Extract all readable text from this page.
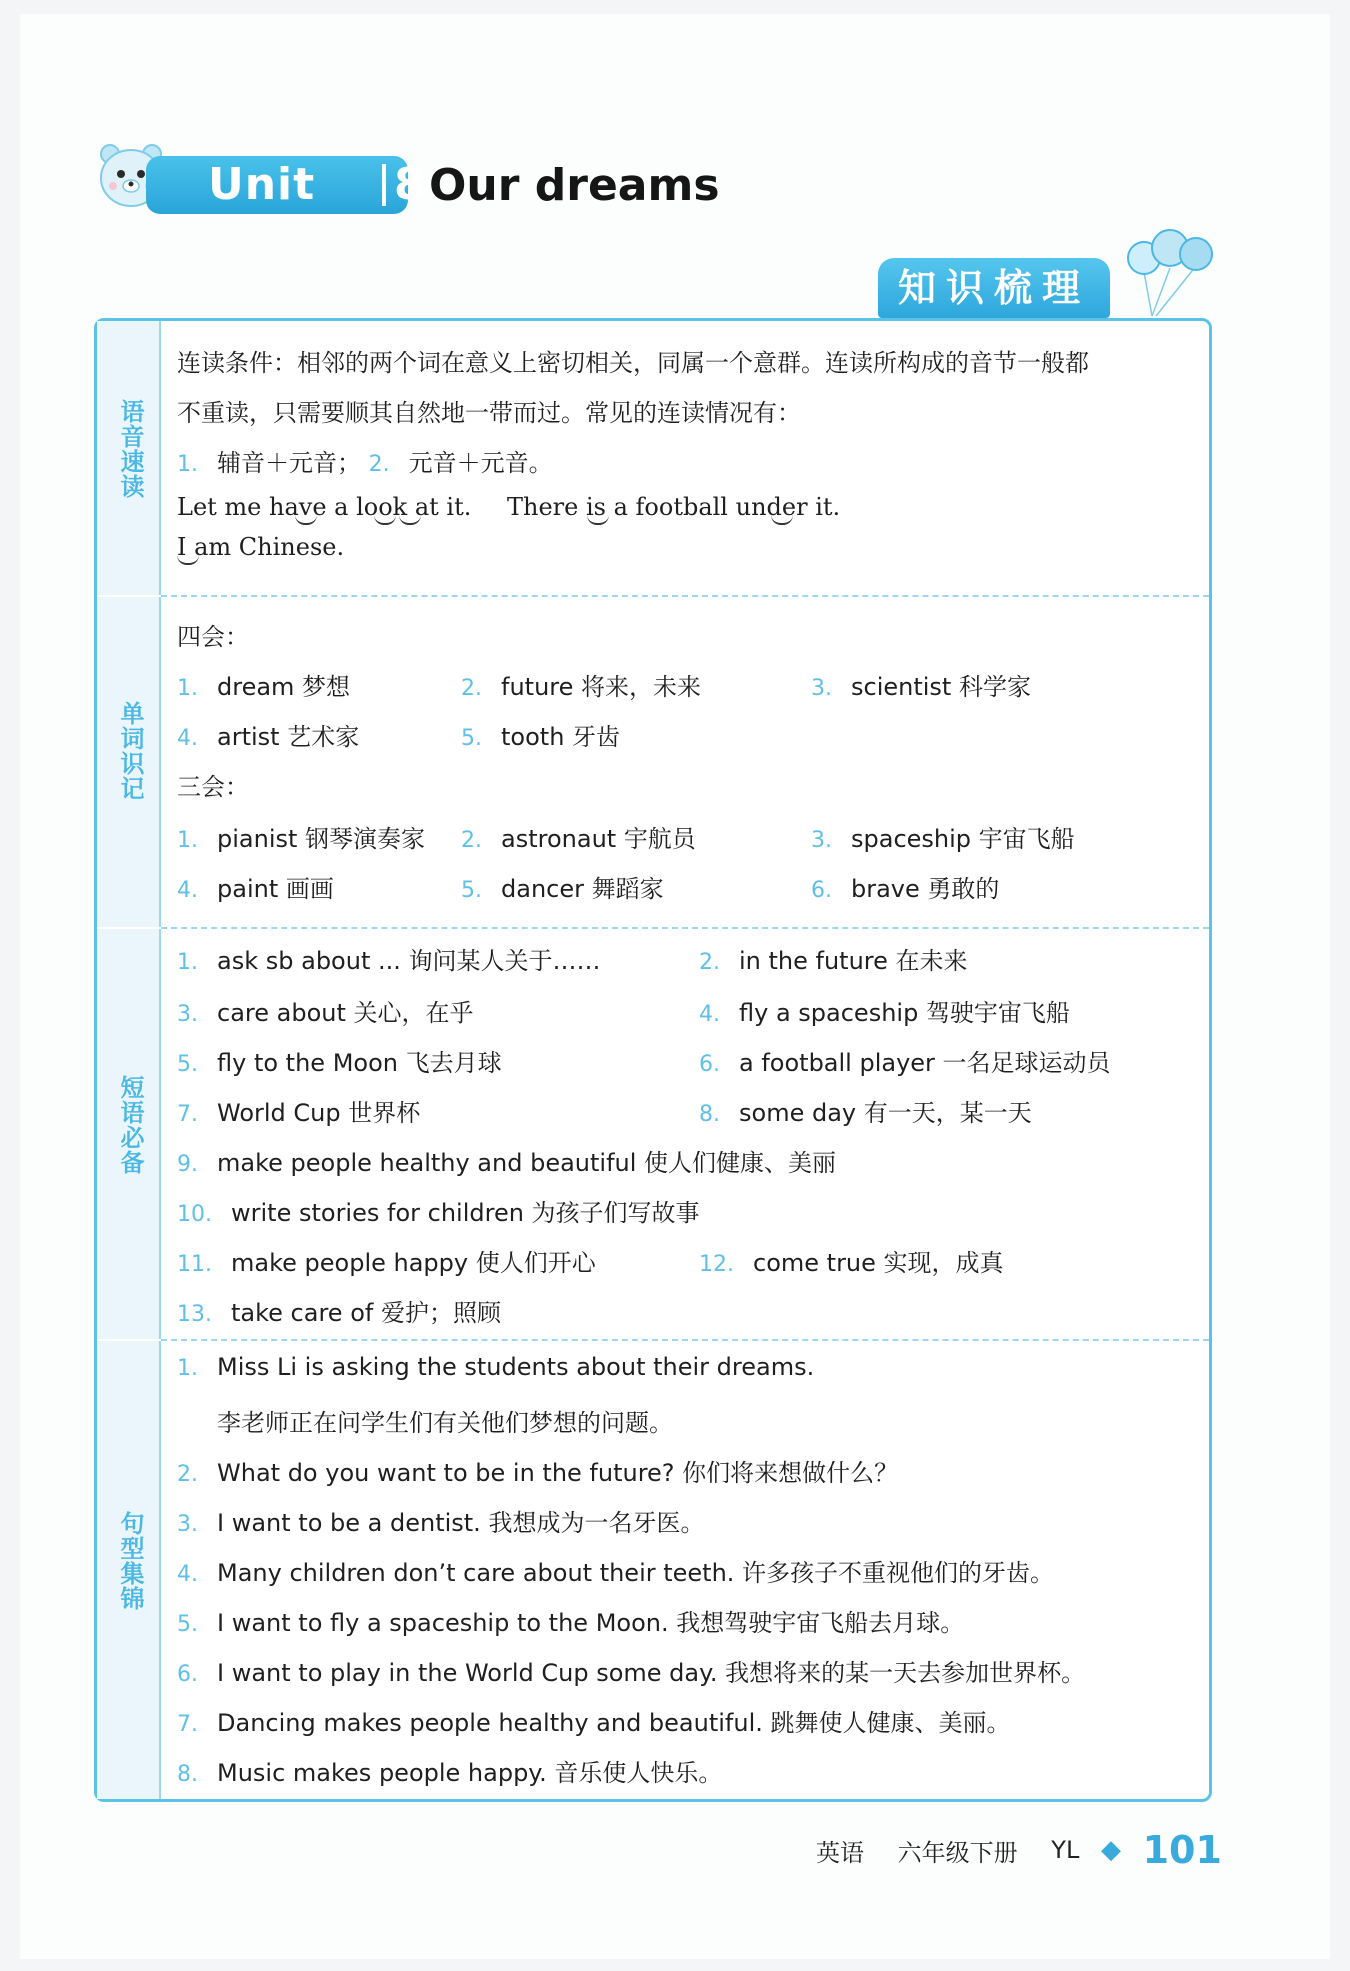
Unit 8 Our dreams
知识梳理
语音速读
单词识记
短语必备
句型集锦
连读条件：相邻的两个词在意义上密切相关，同属一个意群。连读所构成的音节一般都
不重读，只需要顺其自然地一带而过。常见的连读情况有：
1. 辅音＋元音； 2. 元音＋元音。
Let me have a look at it. There is a football under it.
I am Chinese.
四会：
1. dream 梦想	2. future 将来，未来	3. scientist 科学家
4. artist 艺术家	5. tooth 牙齿
三会：
1. pianist 钢琴演奏家 2. astronaut 宇航员	3. spaceship 宇宙飞船
4. paint 画画	5. dancer 舞蹈家	6. brave 勇敢的
1. ask sb about ... 询问某人关于……	2. in the future 在未来
3. care about 关心，在乎	4. fly a spaceship 驾驶宇宙飞船
5. fly to the Moon 飞去月球	6. a football player 一名足球运动员
7. World Cup 世界杯	8. some day 有一天，某一天
9. make people healthy and beautiful 使人们健康、美丽
10. write stories for children 为孩子们写故事
11. make people happy 使人们开心	12. come true 实现，成真
13. take care of 爱护；照顾
1. Miss Li is asking the students about their dreams.
李老师正在问学生们有关他们梦想的问题。
2. What do you want to be in the future? 你们将来想做什么？
3. I want to be a dentist. 我想成为一名牙医。
4. Many children don’t care about their teeth. 许多孩子不重视他们的牙齿。
5. I want to fly a spaceship to the Moon. 我想驾驶宇宙飞船去月球。
6. I want to play in the World Cup some day. 我想将来的某一天去参加世界杯。
7. Dancing makes people healthy and beautiful. 跳舞使人健康、美丽。
8. Music makes people happy. 音乐使人快乐。
英语 六年级下册 YL ◆ 101
